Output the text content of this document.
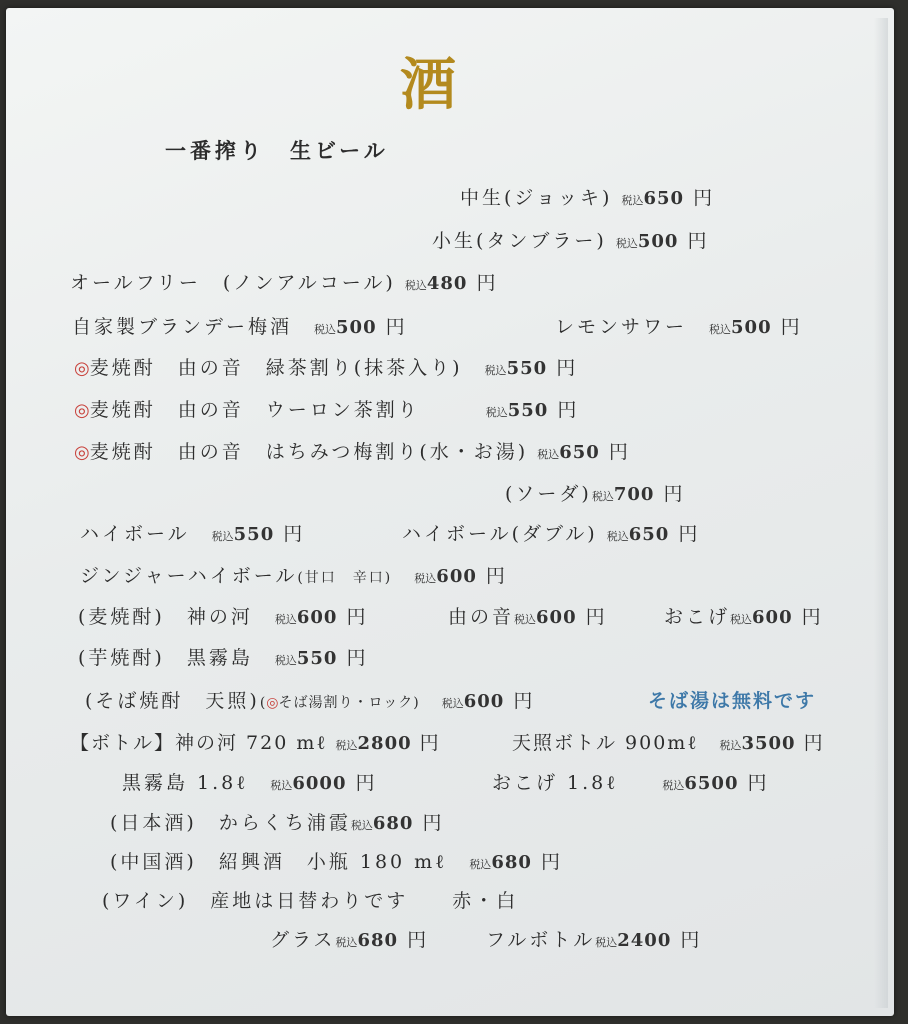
酒
一番搾り　生ビール
中生(ジョッキ) 税込650 円
小生(タンブラー) 税込500 円
オールフリー　(ノンアルコール) 税込480 円
自家製ブランデー梅酒　 税込500 円	レモンサワー　 税込500 円
◎麦焼酎　由の音　緑茶割り(抹茶入り)　 税込550 円
◎麦焼酎　由の音　ウーロン茶割り　　　	税込550 円
◎麦焼酎　由の音　はちみつ梅割り(水・お湯) 税込650 円
(ソーダ)税込700 円
ハイボール　 税込550 円	ハイボール(ダブル) 税込650 円
ジンジャーハイボール(甘口　辛口)　 税込600 円
(麦焼酎)　神の河　 税込600 円	由の音税込600 円	おこげ税込600 円
(芋焼酎)　黒霧島　 税込550 円
(そば焼酎　天照)(◎そば湯割り・ロック)　 税込600 円	そば湯は無料です
【ボトル】神の河 720 mℓ 税込2800 円	天照ボトル 900mℓ　 税込3500 円
黒霧島 1.8ℓ　 税込6000 円	おこげ 1.8ℓ　　	税込6500 円
(日本酒)　からくち浦霞税込680 円
(中国酒)　紹興酒　小瓶 180 mℓ　 税込680 円
(ワイン)　産地は日替わりです　　赤・白
グラス税込680 円	フルボトル税込2400 円
